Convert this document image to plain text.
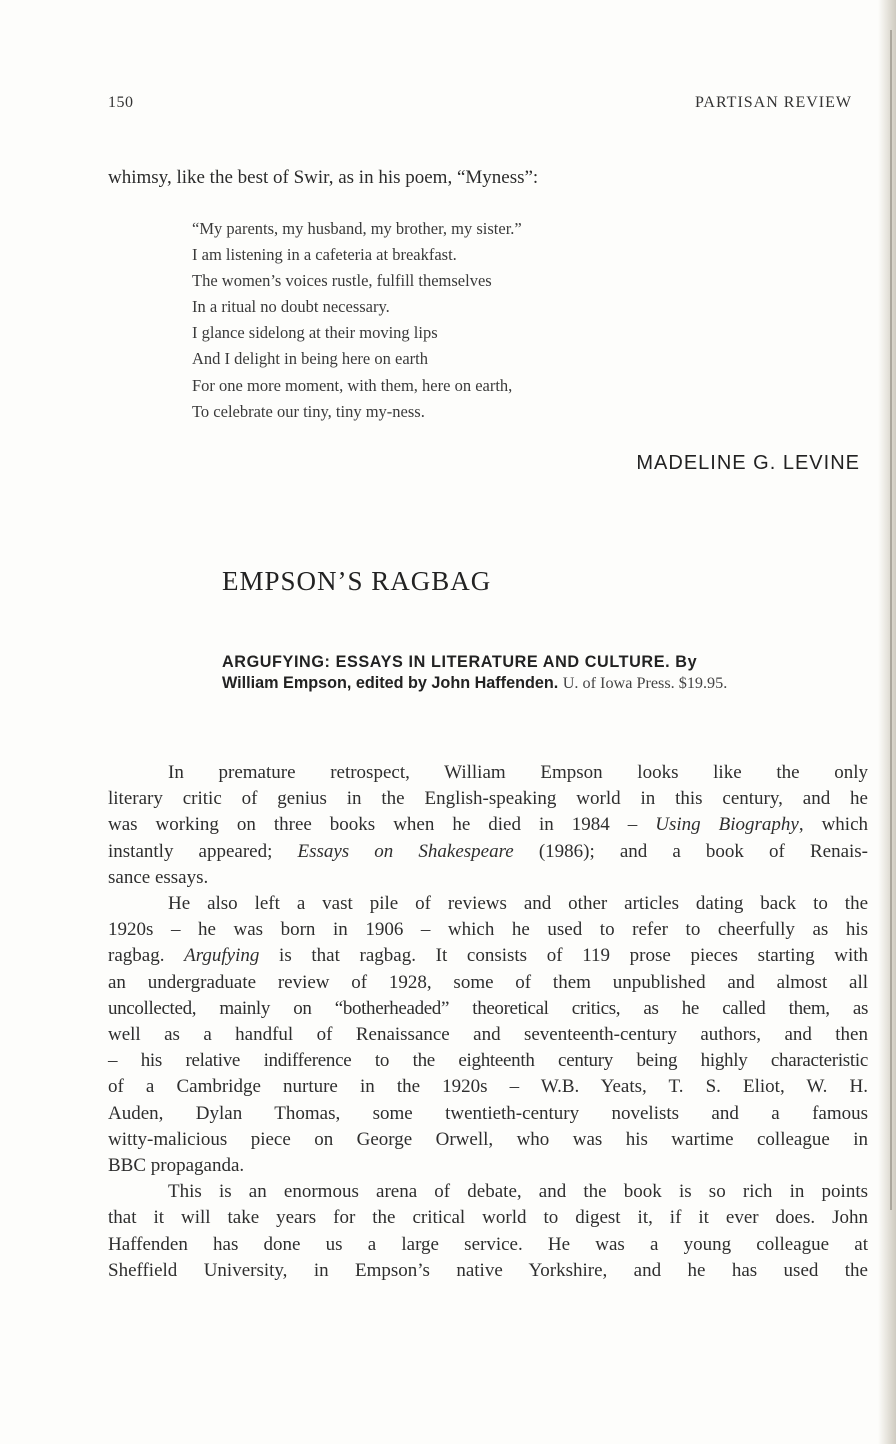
150	PARTISAN REVIEW
whimsy, like the best of Swir, as in his poem, “Myness”:
“My parents, my husband, my brother, my sister.”
I am listening in a cafeteria at breakfast.
The women’s voices rustle, fulfill themselves
In a ritual no doubt necessary.
I glance sidelong at their moving lips
And I delight in being here on earth
For one more moment, with them, here on earth,
To celebrate our tiny, tiny my-ness.
MADELINE G. LEVINE
EMPSON’S RAGBAG
ARGUFYING: ESSAYS IN LITERATURE AND CULTURE. By
William Empson, edited by John Haffenden. U. of Iowa Press. $19.95.
In premature retrospect, William Empson looks like the only
literary critic of genius in the English-speaking world in this century, and he
was working on three books when he died in 1984 – Using Biography, which
instantly appeared; Essays on Shakespeare (1986); and a book of Renais-
sance essays.
He also left a vast pile of reviews and other articles dating back to the
1920s – he was born in 1906 – which he used to refer to cheerfully as his
ragbag. Argufying is that ragbag. It consists of 119 prose pieces starting with
an undergraduate review of 1928, some of them unpublished and almost all
uncollected, mainly on “botherheaded” theoretical critics, as he called them, as
well as a handful of Renaissance and seventeenth-century authors, and then
– his relative indifference to the eighteenth century being highly characteristic
of a Cambridge nurture in the 1920s – W.B. Yeats, T. S. Eliot, W. H.
Auden, Dylan Thomas, some twentieth-century novelists and a famous
witty-malicious piece on George Orwell, who was his wartime colleague in
BBC propaganda.
This is an enormous arena of debate, and the book is so rich in points
that it will take years for the critical world to digest it, if it ever does. John
Haffenden has done us a large service. He was a young colleague at
Sheffield University, in Empson’s native Yorkshire, and he has used the
